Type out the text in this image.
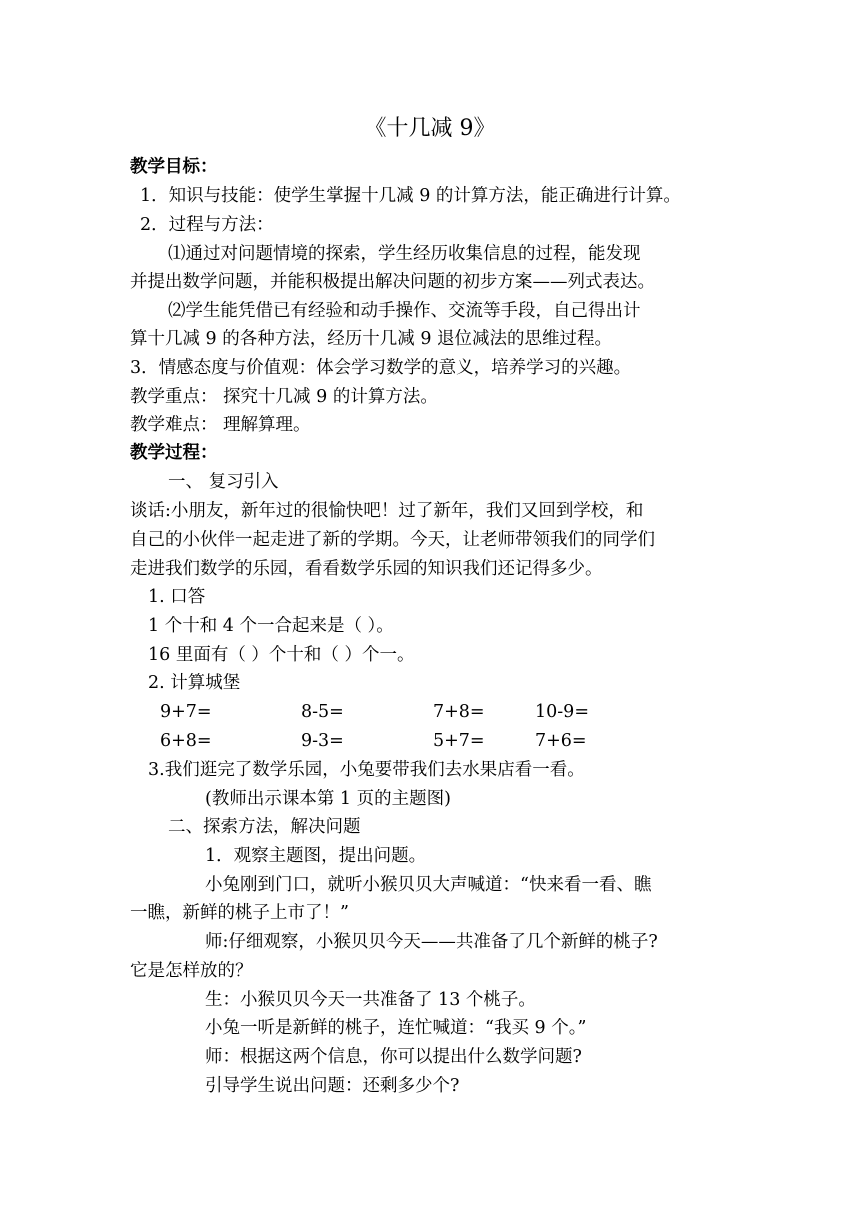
《十几减 9》
教学目标：
1．知识与技能：使学生掌握十几减 9 的计算方法，能正确进行计算。
2．过程与方法：
⑴通过对问题情境的探索，学生经历收集信息的过程，能发现
并提出数学问题，并能积极提出解决问题的初步方案——列式表达。
⑵学生能凭借已有经验和动手操作、交流等手段，自己得出计
算十几减 9 的各种方法，经历十几减 9 退位减法的思维过程。
3．情感态度与价值观：体会学习数学的意义，培养学习的兴趣。
教学重点： 探究十几减 9 的计算方法。
教学难点： 理解算理。
教学过程：
一、 复习引入
谈话:小朋友，新年过的很愉快吧！过了新年，我们又回到学校，和
自己的小伙伴一起走进了新的学期。今天，让老师带领我们的同学们
走进我们数学的乐园，看看数学乐园的知识我们还记得多少。
1. 口答
1 个十和 4 个一合起来是（ ）。
16 里面有（ ）个十和（ ）个一。
2. 计算城堡
9+7=	8-5=	7+8=	10-9=
6+8=	9-3=	5+7=	7+6=
3.我们逛完了数学乐园，小兔要带我们去水果店看一看。
(教师出示课本第 1 页的主题图)
二、探索方法，解决问题
1．观察主题图，提出问题。
小兔刚到门口，就听小猴贝贝大声喊道：“快来看一看、瞧
一瞧，新鲜的桃子上市了！”
师:仔细观察，小猴贝贝今天——共准备了几个新鲜的桃子?
它是怎样放的？
生：小猴贝贝今天一共准备了 13 个桃子。
小兔一听是新鲜的桃子，连忙喊道：“我买 9 个。”
师：根据这两个信息，你可以提出什么数学问题?
引导学生说出问题：还剩多少个?
